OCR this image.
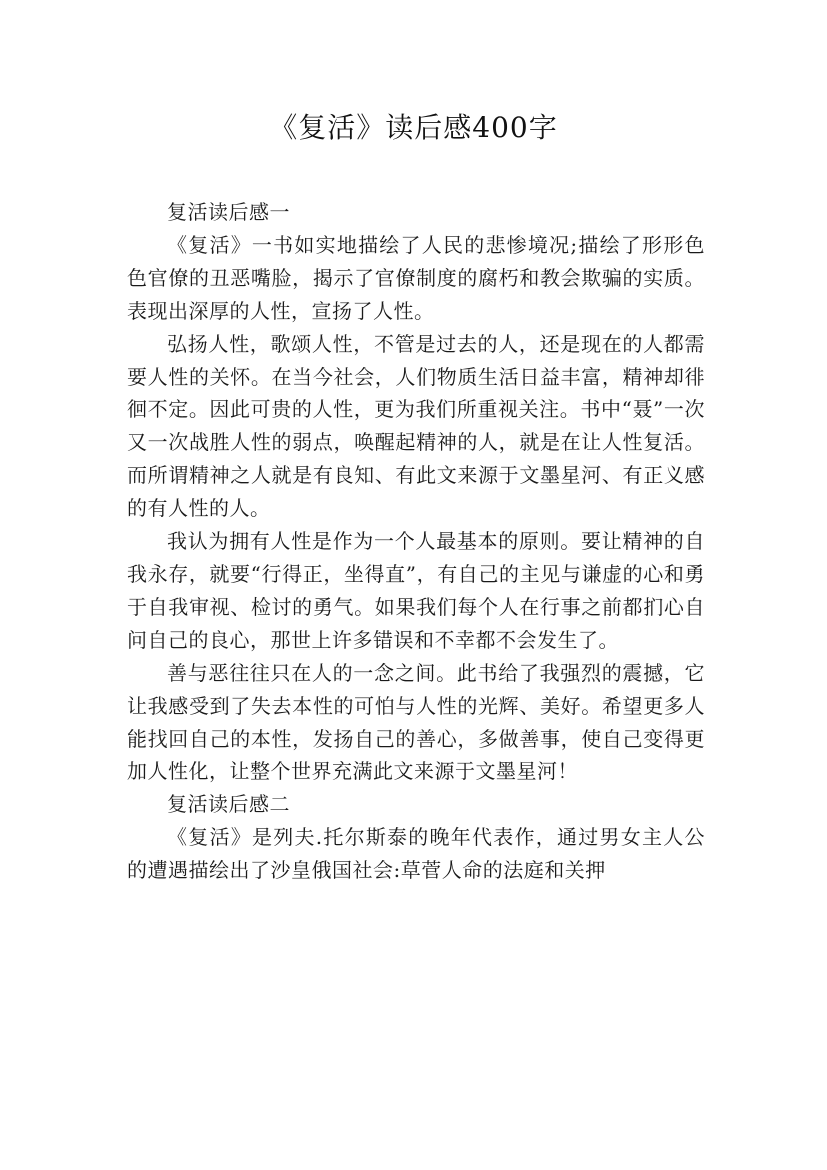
《复活》读后感400字

复活读后感一

《复活》一书如实地描绘了人民的悲惨境况;描绘了形形色色官僚的丑恶嘴脸，揭示了官僚制度的腐朽和教会欺骗的实质。表现出深厚的人性，宣扬了人性。

弘扬人性，歌颂人性，不管是过去的人，还是现在的人都需要人性的关怀。在当今社会，人们物质生活日益丰富，精神却徘徊不定。因此可贵的人性，更为我们所重视关注。书中“聂”一次又一次战胜人性的弱点，唤醒起精神的人，就是在让人性复活。而所谓精神之人就是有良知、有此文来源于文墨星河、有正义感的有人性的人。

我认为拥有人性是作为一个人最基本的原则。要让精神的自我永存，就要“行得正，坐得直”，有自己的主见与谦虚的心和勇于自我审视、检讨的勇气。如果我们每个人在行事之前都扪心自问自己的良心，那世上许多错误和不幸都不会发生了。

善与恶往往只在人的一念之间。此书给了我强烈的震撼，它让我感受到了失去本性的可怕与人性的光辉、美好。希望更多人能找回自己的本性，发扬自己的善心，多做善事，使自己变得更加人性化，让整个世界充满此文来源于文墨星河！

复活读后感二

《复活》是列夫.托尔斯泰的晚年代表作，通过男女主人公的遭遇描绘出了沙皇俄国社会:草菅人命的法庭和关押
